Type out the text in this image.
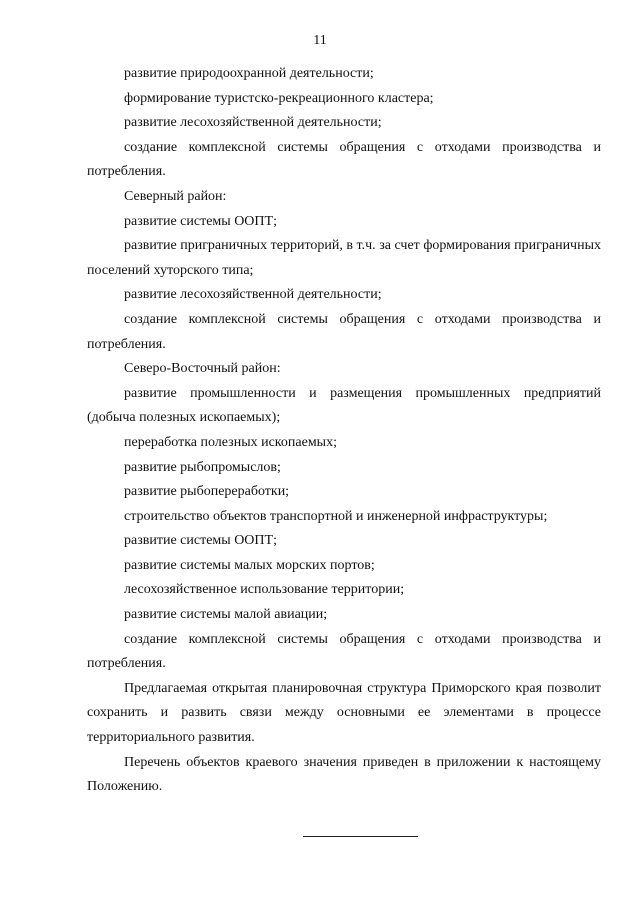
11

развитие природоохранной деятельности;

формирование туристско-рекреационного кластера;

развитие лесохозяйственной деятельности;

создание комплексной системы обращения с отходами производства и потребления.

Северный район:

развитие системы ООПТ;

развитие приграничных территорий, в т.ч. за счет формирования приграничных поселений хуторского типа;

развитие лесохозяйственной деятельности;

создание комплексной системы обращения с отходами производства и потребления.

Северо-Восточный район:

развитие промышленности и размещения промышленных предприятий (добыча полезных ископаемых);

переработка полезных ископаемых;

развитие рыбопромыслов;

развитие рыбопереработки;

строительство объектов транспортной и инженерной инфраструктуры;

развитие системы ООПТ;

развитие системы малых морских портов;

лесохозяйственное использование территории;

развитие системы малой авиации;

создание комплексной системы обращения с отходами производства и потребления.

Предлагаемая открытая планировочная структура Приморского края позволит сохранить и развить связи между основными ее элементами в процессе территориального развития.

Перечень объектов краевого значения приведен в приложении к настоящему Положению.
